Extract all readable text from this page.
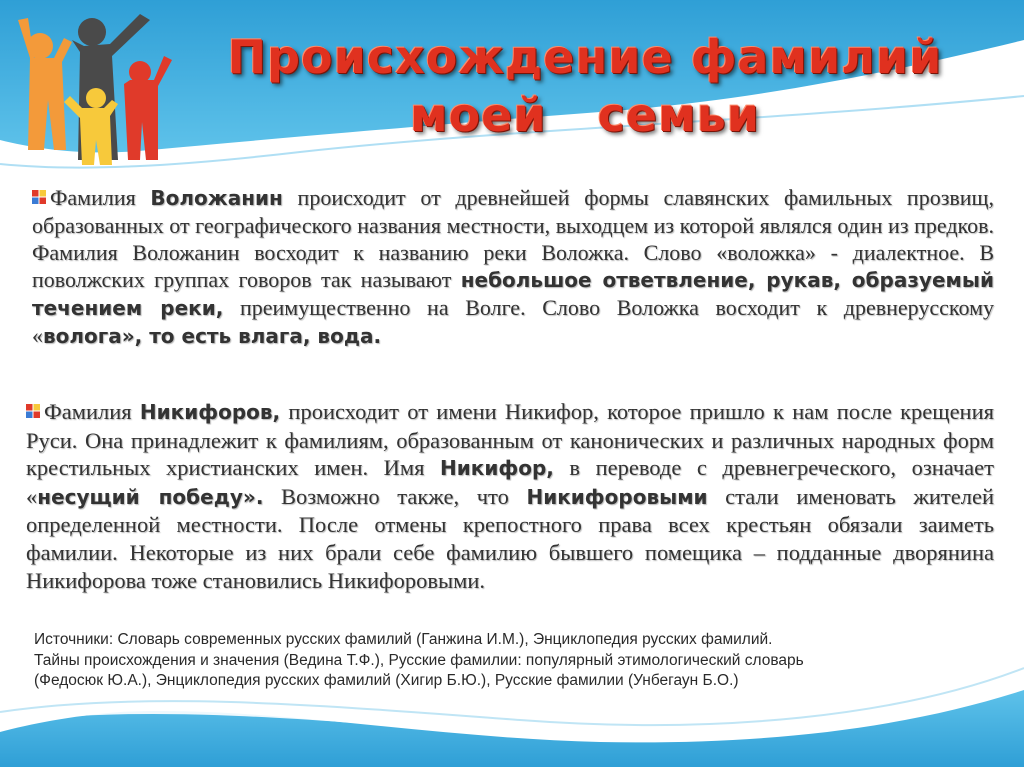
Происхождение фамилий
моей   семьи

Фамилия Воложанин происходит от древнейшей формы славянских фамильных прозвищ, образованных от географического названия местности, выходцем из которой являлся один из предков. Фамилия Воложанин восходит к названию реки Воложка. Слово «воложка» - диалектное. В поволжских группах говоров так называют небольшое ответвление, рукав, образуемый течением реки, преимущественно на Волге. Слово Воложка восходит к древнерусскому «волога», то есть влага, вода.

Фамилия Никифоров, происходит от имени Никифор, которое пришло к нам после крещения Руси. Она принадлежит к фамилиям, образованным от канонических и различных народных форм крестильных христианских имен. Имя Никифор, в переводе с древнегреческого, означает «несущий победу». Возможно также, что Никифоровыми стали именовать жителей определенной местности. После отмены крепостного права всех крестьян обязали заиметь фамилии. Некоторые из них брали себе фамилию бывшего помещика – подданные дворянина Никифорова тоже становились Никифоровыми.

Источники: Словарь современных русских фамилий (Ганжина И.М.), Энциклопедия русских фамилий.
Тайны происхождения и значения (Ведина Т.Ф.), Русские фамилии: популярный этимологический словарь
(Федосюк Ю.А.), Энциклопедия русских фамилий (Хигир Б.Ю.), Русские фамилии (Унбегаун Б.О.)
